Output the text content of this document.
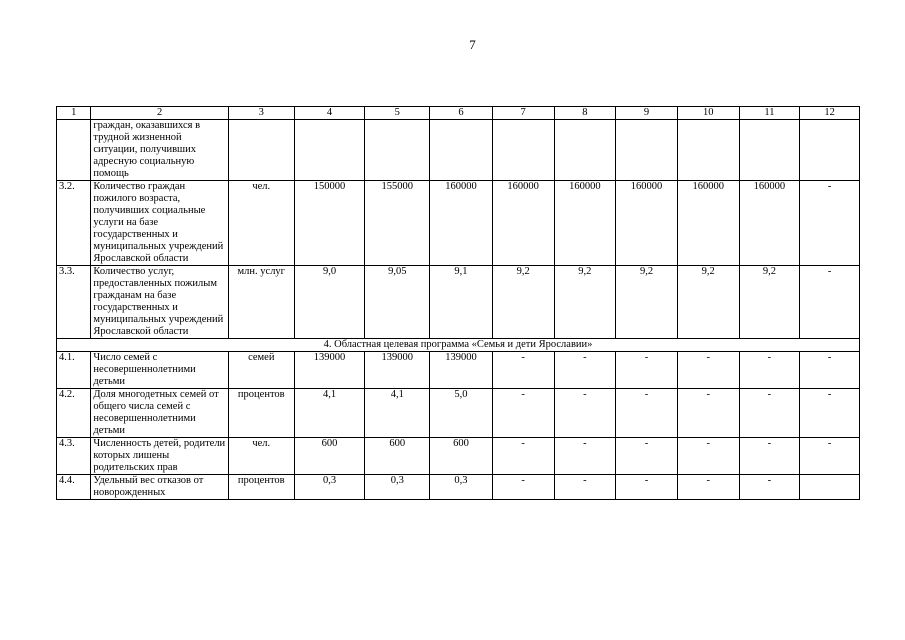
7
1	2	3	4	5	6	7	8	9	10	11	12
	граждан, оказавшихся в трудной жизненной ситуации, получивших адресную социальную помощь										
3.2.	Количество граждан пожилого возраста, получивших социальные услуги на базе государственных и муниципальных учреждений Ярославской области	чел.	150000	155000	160000	160000	160000	160000	160000	160000	-
3.3.	Количество услуг, предоставленных пожилым гражданам на базе государственных и муниципальных учреждений Ярославской области	млн. услуг	9,0	9,05	9,1	9,2	9,2	9,2	9,2	9,2	-
4. Областная целевая программа «Семья и дети Ярославии»											
4.1.	Число семей с несовершеннолетними детьми	семей	139000	139000	139000	-	-	-	-	-	-
4.2.	Доля многодетных семей от общего числа семей с несовершеннолетними детьми	процентов	4,1	4,1	5,0	-	-	-	-	-	-
4.3.	Численность детей, родители которых лишены родительских прав	чел.	600	600	600	-	-	-	-	-	-
4.4.	Удельный вес отказов от новорожденных	процентов	0,3	0,3	0,3	-	-	-	-	-	
